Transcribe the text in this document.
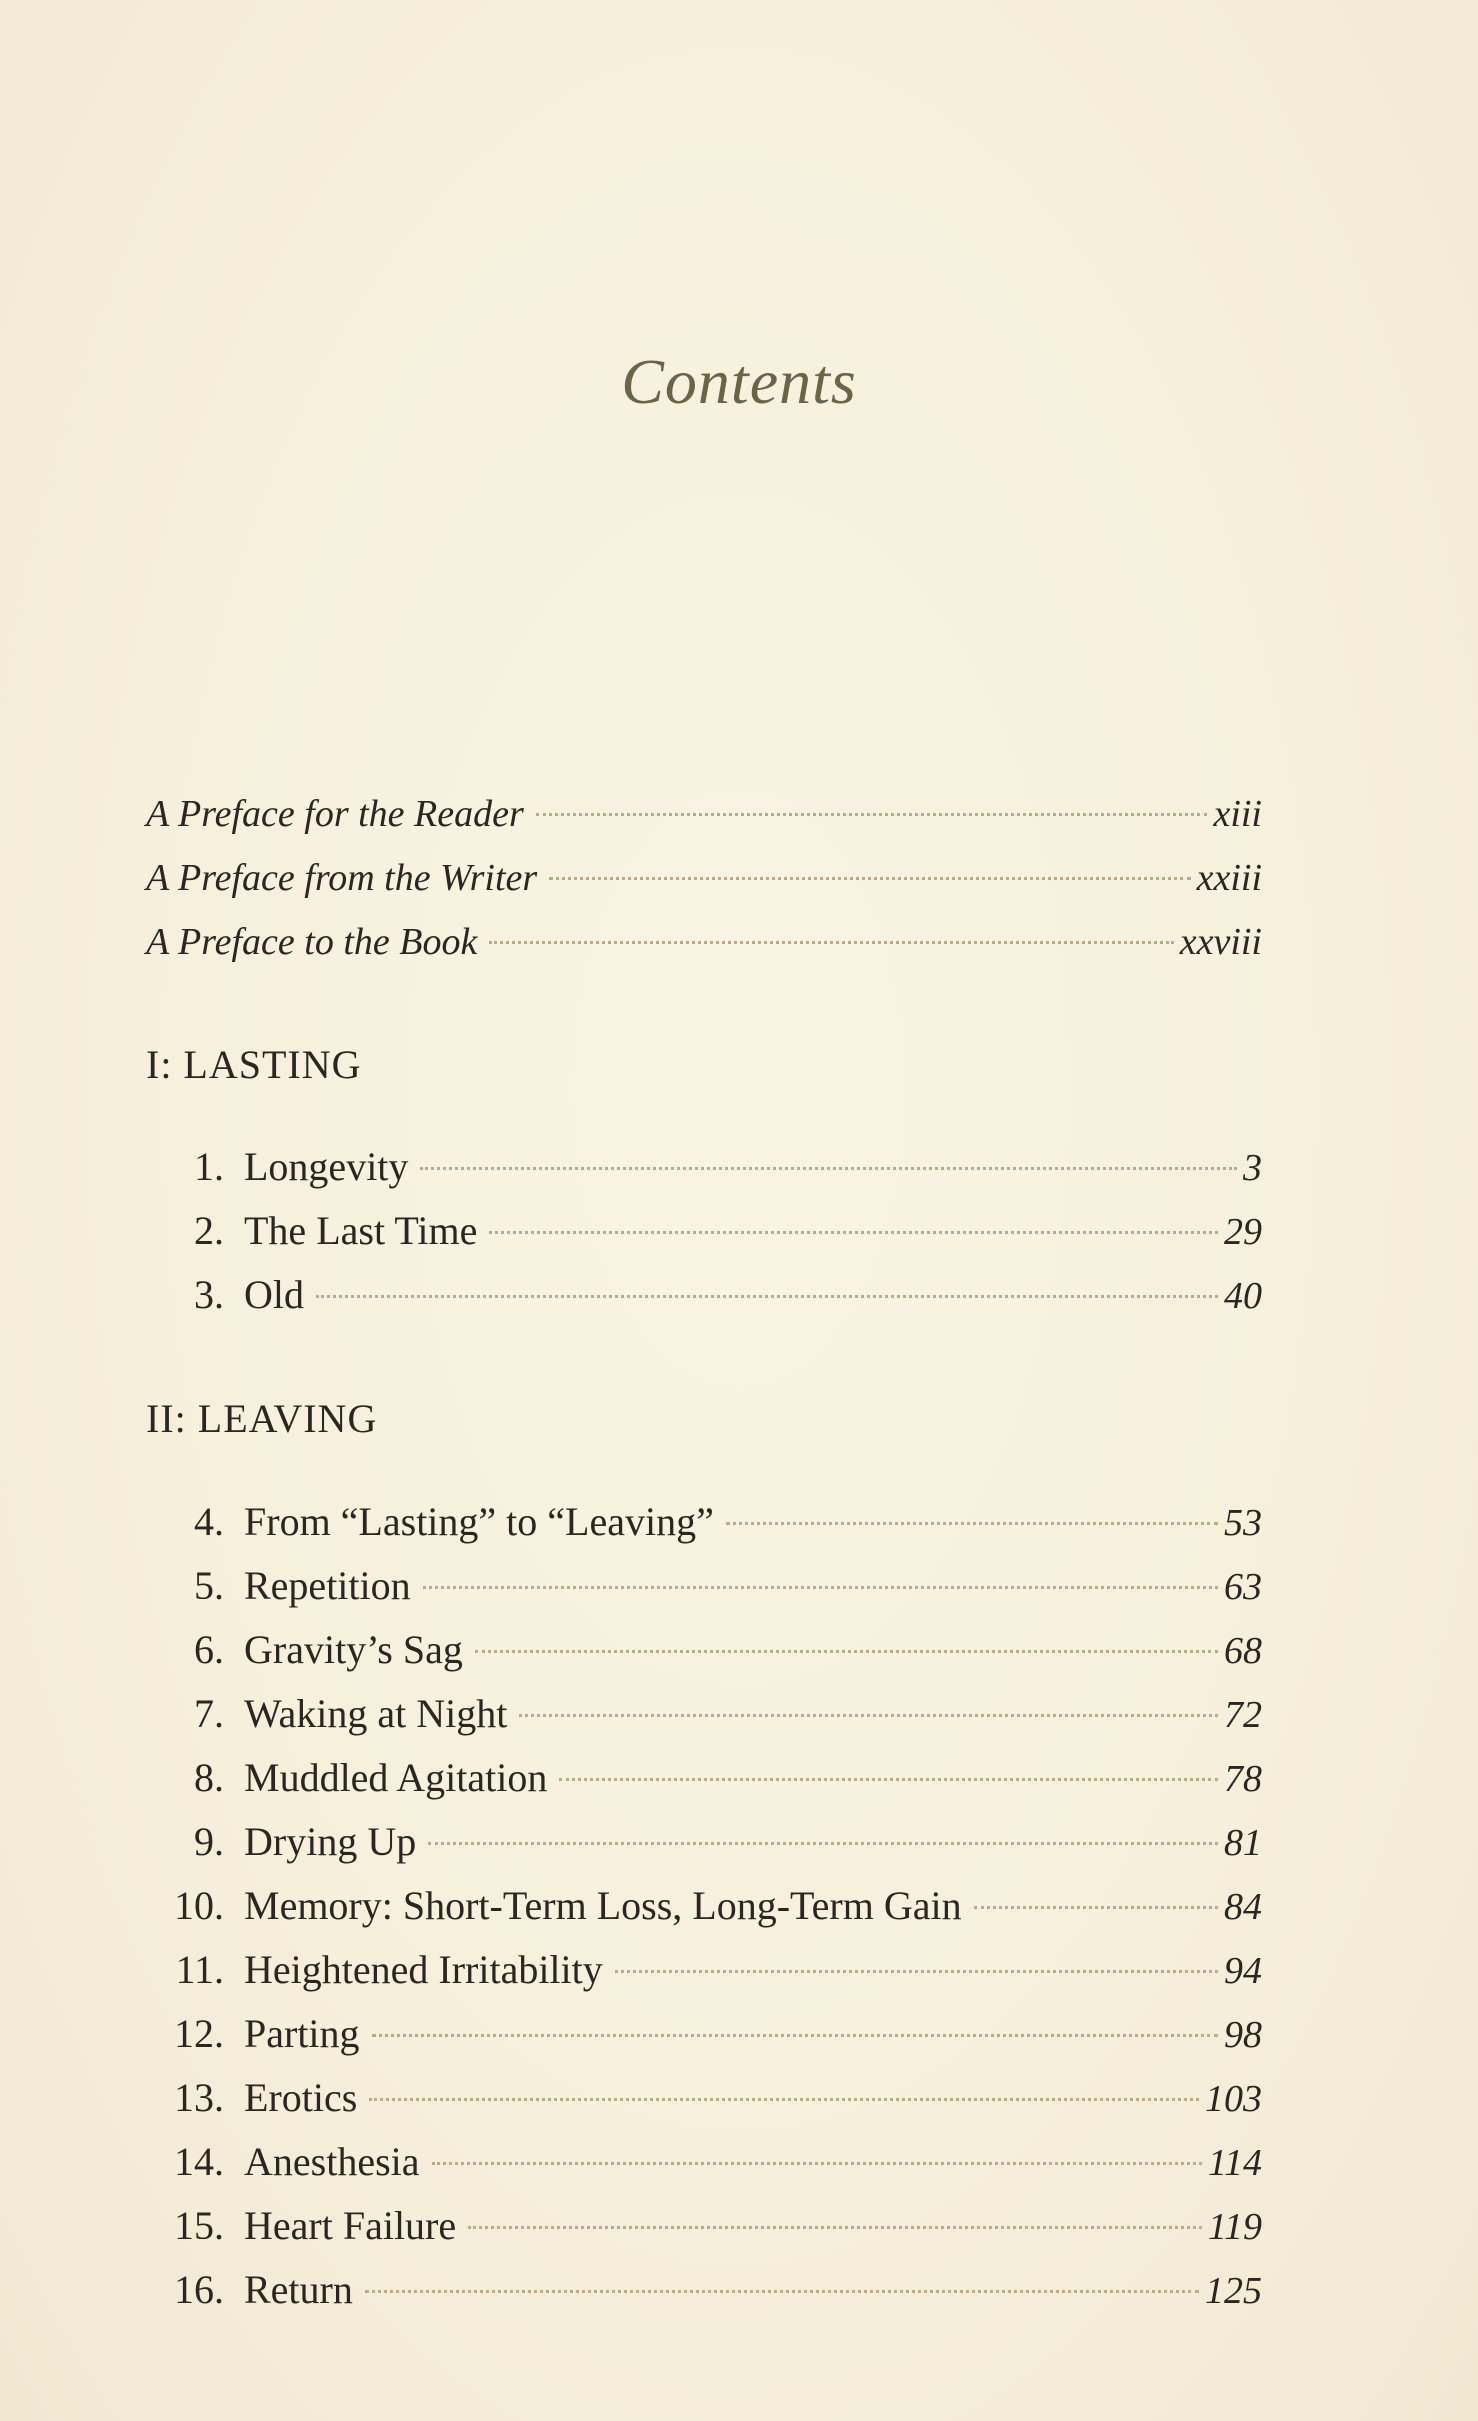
Contents
A Preface for the Reader	xiii
A Preface from the Writer	xxiii
A Preface to the Book	xxviii
I: LASTING
1. Longevity	3
2. The Last Time	29
3. Old	40
II: LEAVING
4. From “Lasting” to “Leaving”	53
5. Repetition	63
6. Gravity’s Sag	68
7. Waking at Night	72
8. Muddled Agitation	78
9. Drying Up	81
10. Memory: Short-Term Loss, Long-Term Gain	84
11. Heightened Irritability	94
12. Parting	98
13. Erotics	103
14. Anesthesia	114
15. Heart Failure	119
16. Return	125
